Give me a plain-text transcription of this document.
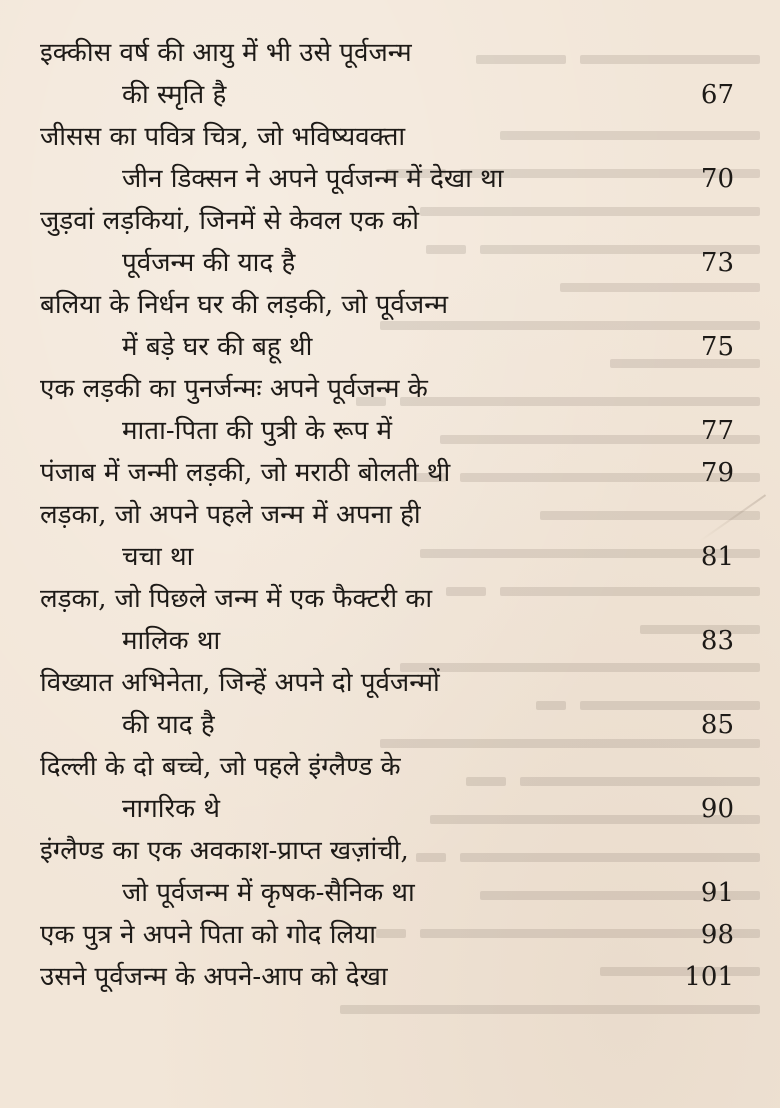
इक्कीस वर्ष की आयु में भी उसे पूर्वजन्म
की स्मृति है	67
जीसस का पवित्र चित्र, जो भविष्यवक्ता
जीन डिक्सन ने अपने पूर्वजन्म में देखा था	70
जुड़वां लड़कियां, जिनमें से केवल एक को
पूर्वजन्म की याद है	73
बलिया के निर्धन घर की लड़की, जो पूर्वजन्म
में बड़े घर की बहू थी	75
एक लड़की का पुनर्जन्मः अपने पूर्वजन्म के
माता-पिता की पुत्री के रूप में	77
पंजाब में जन्मी लड़की, जो मराठी बोलती थी	79
लड़का, जो अपने पहले जन्म में अपना ही
चचा था	81
लड़का, जो पिछले जन्म में एक फैक्टरी का
मालिक था	83
विख्यात अभिनेता, जिन्हें अपने दो पूर्वजन्मों
की याद है	85
दिल्ली के दो बच्चे, जो पहले इंग्लैण्ड के
नागरिक थे	90
इंग्लैण्ड का एक अवकाश-प्राप्त खज़ांची,
जो पूर्वजन्म में कृषक-सैनिक था	91
एक पुत्र ने अपने पिता को गोद लिया	98
उसने पूर्वजन्म के अपने-आप को देखा	101
